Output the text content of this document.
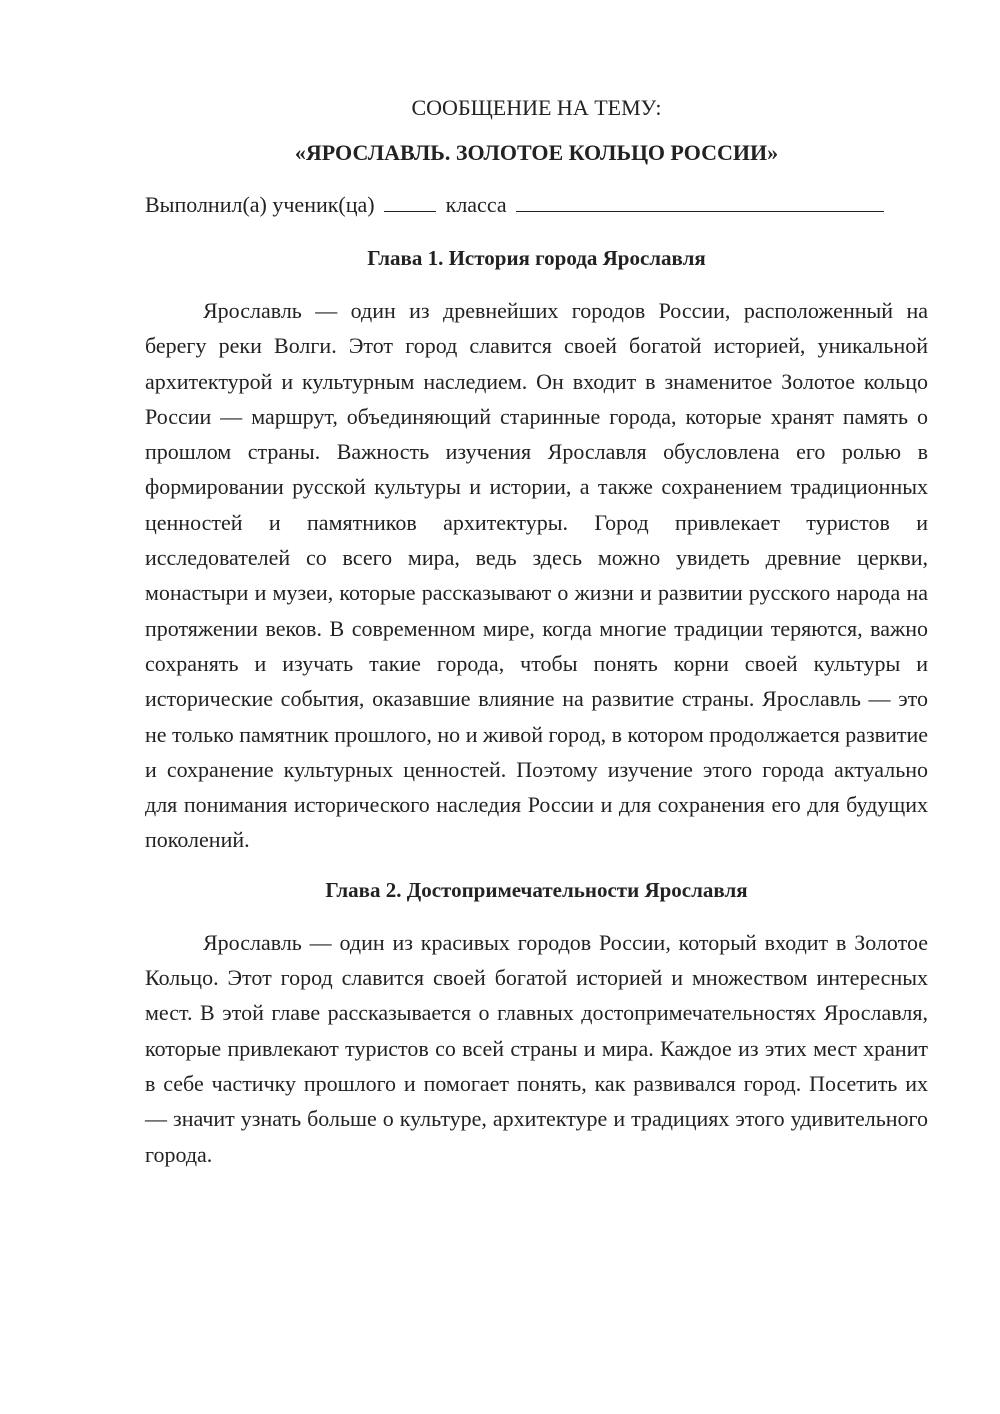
СООБЩЕНИЕ НА ТЕМУ:

«ЯРОСЛАВЛЬ. ЗОЛОТОЕ КОЛЬЦО РОССИИ»

Выполнил(а) ученик(ца)	класса

Глава 1. История города Ярославля

Ярославль — один из древнейших городов России, расположенный на берегу реки Волги. Этот город славится своей богатой историей, уникальной архитектурой и культурным наследием. Он входит в знаменитое Золотое кольцо России — маршрут, объединяющий старинные города, которые хранят память о прошлом страны. Важность изучения Ярославля обусловлена его ролью в формировании русской культуры и истории, а также сохранением традиционных ценностей и памятников архитектуры. Город привлекает туристов и исследователей со всего мира, ведь здесь можно увидеть древние церкви, монастыри и музеи, которые рассказывают о жизни и развитии русского народа на протяжении веков. В современном мире, когда многие традиции теряются, важно сохранять и изучать такие города, чтобы понять корни своей культуры и исторические события, оказавшие влияние на развитие страны. Ярославль — это не только памятник прошлого, но и живой город, в котором продолжается развитие и сохранение культурных ценностей. Поэтому изучение этого города актуально для понимания исторического наследия России и для сохранения его для будущих поколений.

Глава 2. Достопримечательности Ярославля

Ярославль — один из красивых городов России, который входит в Золотое Кольцо. Этот город славится своей богатой историей и множеством интересных мест. В этой главе рассказывается о главных достопримечательностях Ярославля, которые привлекают туристов со всей страны и мира. Каждое из этих мест хранит в себе частичку прошлого и помогает понять, как развивался город. Посетить их — значит узнать больше о культуре, архитектуре и традициях этого удивительного города.
